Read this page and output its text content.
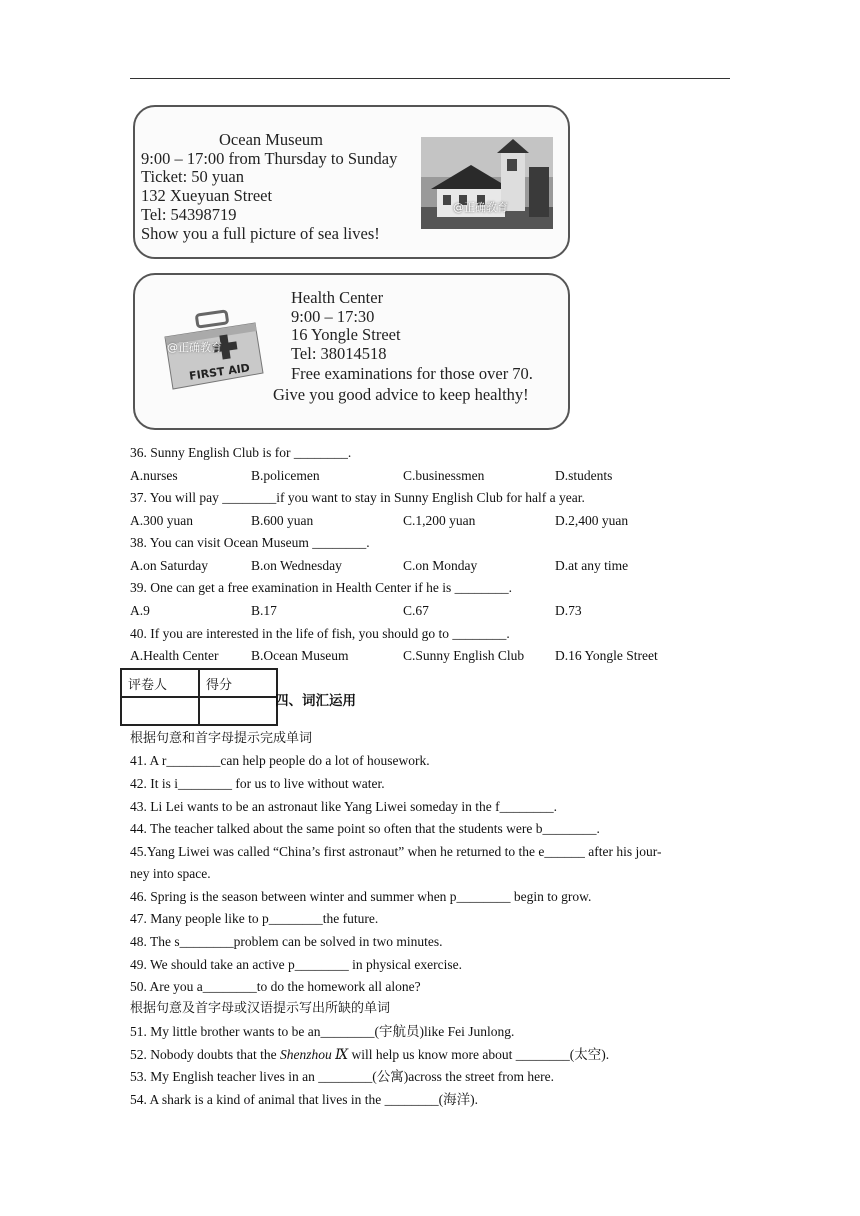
Ocean Museum
9:00 – 17:00 from Thursday to Sunday
Ticket: 50 yuan
132 Xueyuan Street
Tel: 54398719
Show you a full picture of sea lives!
@正确教育
FIRST AID
@正确教育
Health Center
9:00 – 17:30
16 Yongle Street
Tel: 38014518
Free examinations for those over 70.
Give you good advice to keep healthy!
36. Sunny English Club is for ________.
A.nurses	B.policemen	C.businessmen	D.students
37. You will pay ________if you want to stay in Sunny English Club for half a year.
A.300 yuan	B.600 yuan	C.1,200 yuan	D.2,400 yuan
38. You can visit Ocean Museum ________.
A.on Saturday	B.on Wednesday	C.on Monday	D.at any time
39. One can get a free examination in Health Center if he is ________.
A.9	B.17	C.67	D.73
40. If you are interested in the life of fish, you should go to ________.
A.Health Center B.Ocean Museum	C.Sunny English Club D.16 Yongle Street
评卷人	得分

四、词汇运用
根据句意和首字母提示完成单词
41. A r________can help people do a lot of housework.
42. It is i________ for us to live without water.
43. Li Lei wants to be an astronaut like Yang Liwei someday in the f________.
44. The teacher talked about the same point so often that the students were b________.
45.Yang Liwei was called “China’s first astronaut” when he returned to the e______ after his jour-
ney into space.
46. Spring is the season between winter and summer when p________ begin to grow.
47. Many people like to p________the future.
48. The s________problem can be solved in two minutes.
49. We should take an active p________ in physical exercise.
50. Are you a________to do the homework all alone?
根据句意及首字母或汉语提示写出所缺的单词
51. My little brother wants to be an________(宇航员)like Fei Junlong.
52. Nobody doubts that the Shenzhou Ⅸ will help us know more about ________(太空).
53. My English teacher lives in an ________(公寓)across the street from here.
54. A shark is a kind of animal that lives in the ________(海洋).
